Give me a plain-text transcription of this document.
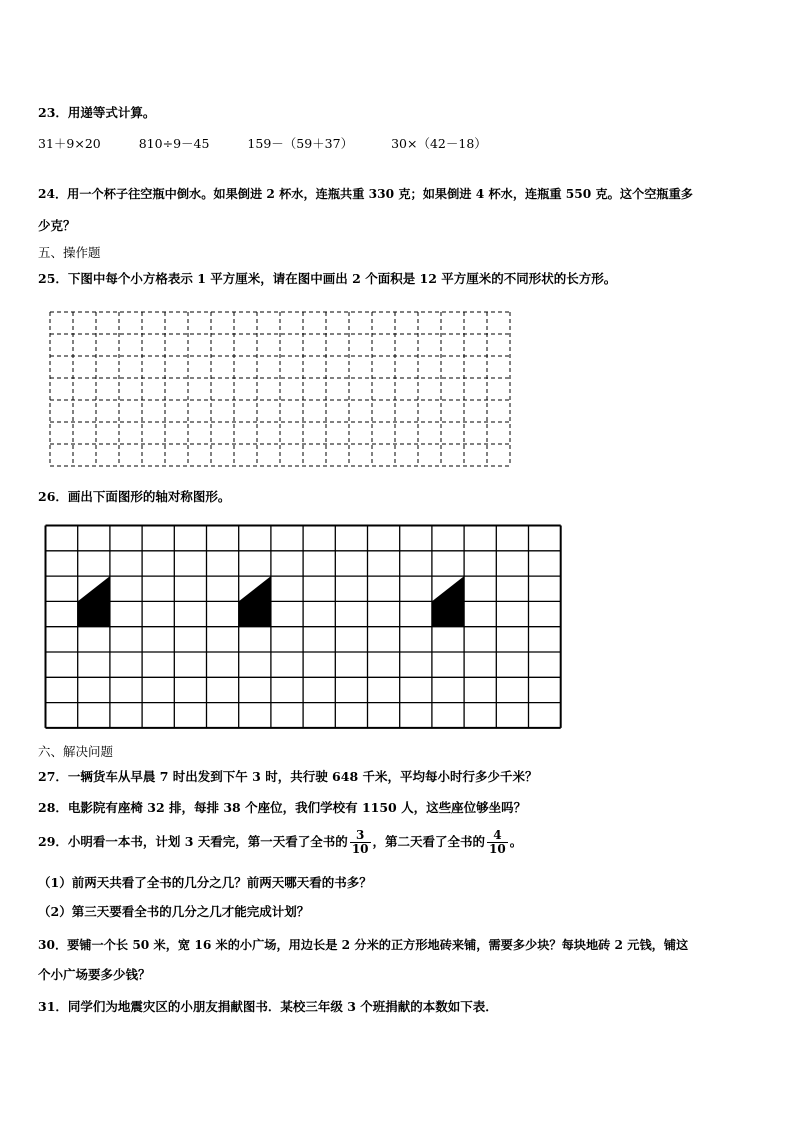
23．用递等式计算。
31＋9×20	810÷9－45	159－（59＋37）	30×（42－18）
24．用一个杯子往空瓶中倒水。如果倒进 2 杯水，连瓶共重 330 克；如果倒进 4 杯水，连瓶重 550 克。这个空瓶重多
少克？
五、操作题
25．下图中每个小方格表示 1 平方厘米，请在图中画出 2 个面积是 12 平方厘米的不同形状的长方形。
26．画出下面图形的轴对称图形。
六、解决问题
27．一辆货车从早晨 7 时出发到下午 3 时，共行驶 648 千米，平均每小时行多少千米？
28．电影院有座椅 32 排，每排 38 个座位，我们学校有 1150 人，这些座位够坐吗？
29．小明看一本书，计划 3 天看完，第一天看了全书的 $\frac{3}{10}$ ，第二天看了全书的 $\frac{4}{10}$ 。
（1）前两天共看了全书的几分之几？前两天哪天看的书多？
（2）第三天要看全书的几分之几才能完成计划？
30．要铺一个长 50 米，宽 16 米的小广场，用边长是 2 分米的正方形地砖来铺，需要多少块？每块地砖 2 元钱，铺这
个小广场要多少钱？
31．同学们为地震灾区的小朋友捐献图书．某校三年级 3 个班捐献的本数如下表．
